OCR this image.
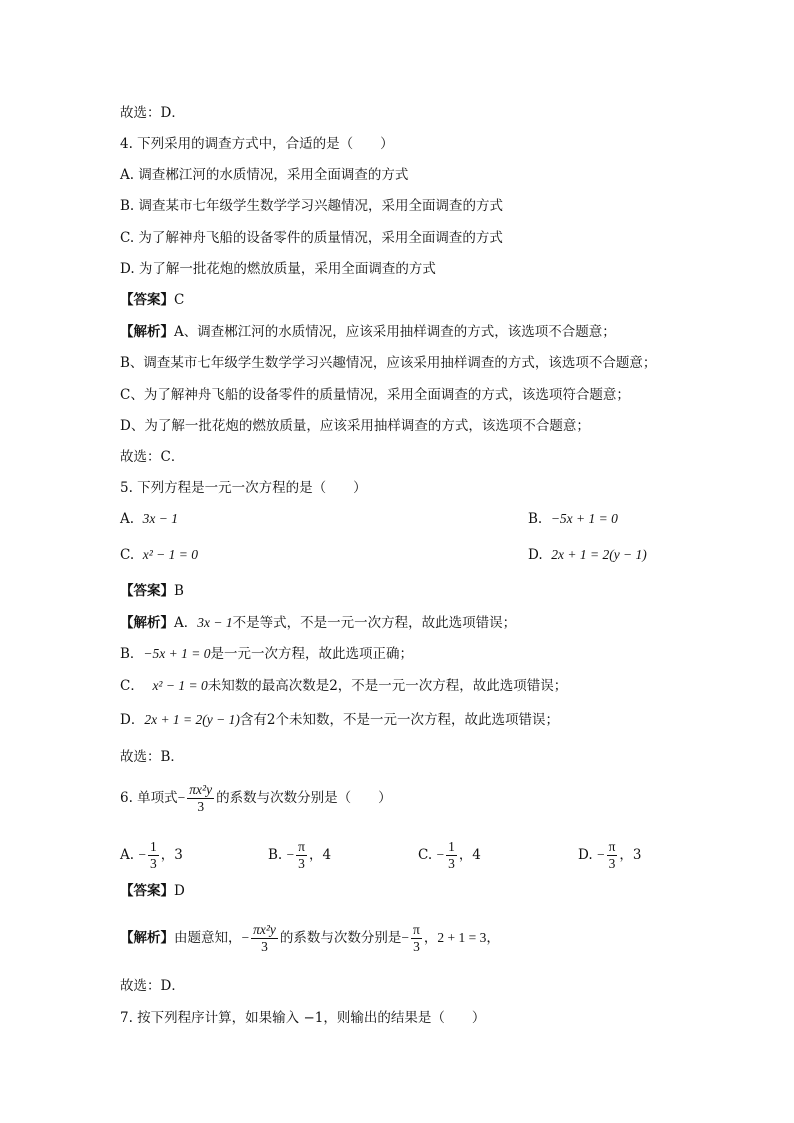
故选：D．
4. 下列采用的调查方式中，合适的是（　　）
A. 调查郴江河的水质情况，采用全面调查的方式
B. 调查某市七年级学生数学学习兴趣情况，采用全面调查的方式
C. 为了解神舟飞船的设备零件的质量情况，采用全面调查的方式
D. 为了解一批花炮的燃放质量，采用全面调查的方式
【答案】C
【解析】A、调查郴江河的水质情况，应该采用抽样调查的方式，该选项不合题意；
B、调查某市七年级学生数学学习兴趣情况，应该采用抽样调查的方式，该选项不合题意；
C、为了解神舟飞船的设备零件的质量情况，采用全面调查的方式，该选项符合题意；
D、为了解一批花炮的燃放质量，应该采用抽样调查的方式，该选项不合题意；
故选：C．
5. 下列方程是一元一次方程的是（　　）
A. 3x − 1	B. −5x + 1 = 0
C. x² − 1 = 0	D. 2x + 1 = 2(y − 1)
【答案】B
【解析】A．3x − 1不是等式，不是一元一次方程，故此选项错误；
B．−5x + 1 = 0是一元一次方程，故此选项正确；
C． x² − 1 = 0未知数的最高次数是2，不是一元一次方程，故此选项错误；
D．2x + 1 = 2(y − 1)含有2个未知数，不是一元一次方程，故此选项错误；
故选：B．
6. 单项式− $\frac{\text{πx²y}}{3}$ 的系数与次数分别是（　　）
A. − $\frac{1}{3}$ ，3	B. − $\frac{\pi}{3}$ ，4	C. − $\frac{1}{3}$ ，4	D. − $\frac{\pi}{3}$ ，3
【答案】D
【解析】由题意知，− $\frac{\text{πx²y}}{3}$ 的系数与次数分别是− $\frac{\pi}{3}$ ，2 + 1 = 3，
故选：D．
7. 按下列程序计算，如果输入 −1，则输出的结果是（　　）
